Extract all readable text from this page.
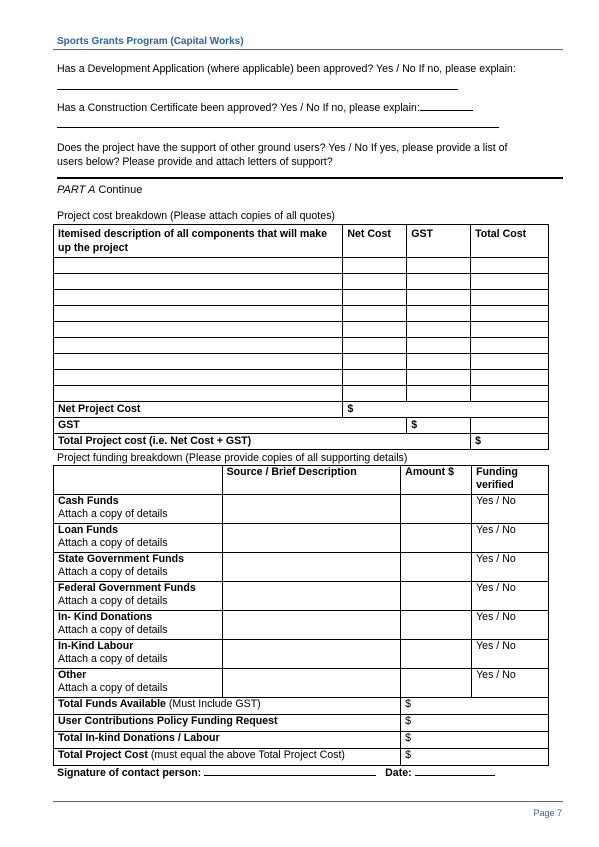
Sports Grants Program (Capital Works)
Has a Development Application (where applicable) been approved? Yes / No If no, please explain:
Has a Construction Certificate been approved? Yes / No If no, please explain:
Does the project have the support of other ground users? Yes / No If yes, please provide a list of
users below? Please provide and attach letters of support?
PART A Continue
Project cost breakdown (Please attach copies of all quotes)
Itemised description of all components that will make up the project	Net Cost	GST	Total Cost

Net Project Cost	$		
GST		$	
Total Project cost (i.e. Net Cost + GST)			$
Project funding breakdown (Please provide copies of all supporting details)
	Source / Brief Description	Amount $	Funding verified

Cash Funds
Attach a copy of details			Yes / No

Loan Funds
Attach a copy of details			Yes / No

State Government Funds
Attach a copy of details			Yes / No

Federal Government Funds
Attach a copy of details			Yes / No

In- Kind Donations
Attach a copy of details			Yes / No

In-Kind Labour
Attach a copy of details			Yes / No

Other
Attach a copy of details			Yes / No
Total Funds Available (Must Include GST)		$	
User Contributions Policy Funding Request		$	
Total In-kind Donations / Labour		$	
Total Project Cost (must equal the above Total Project Cost)		$	
Signature of contact person:	Date:
Page 7
